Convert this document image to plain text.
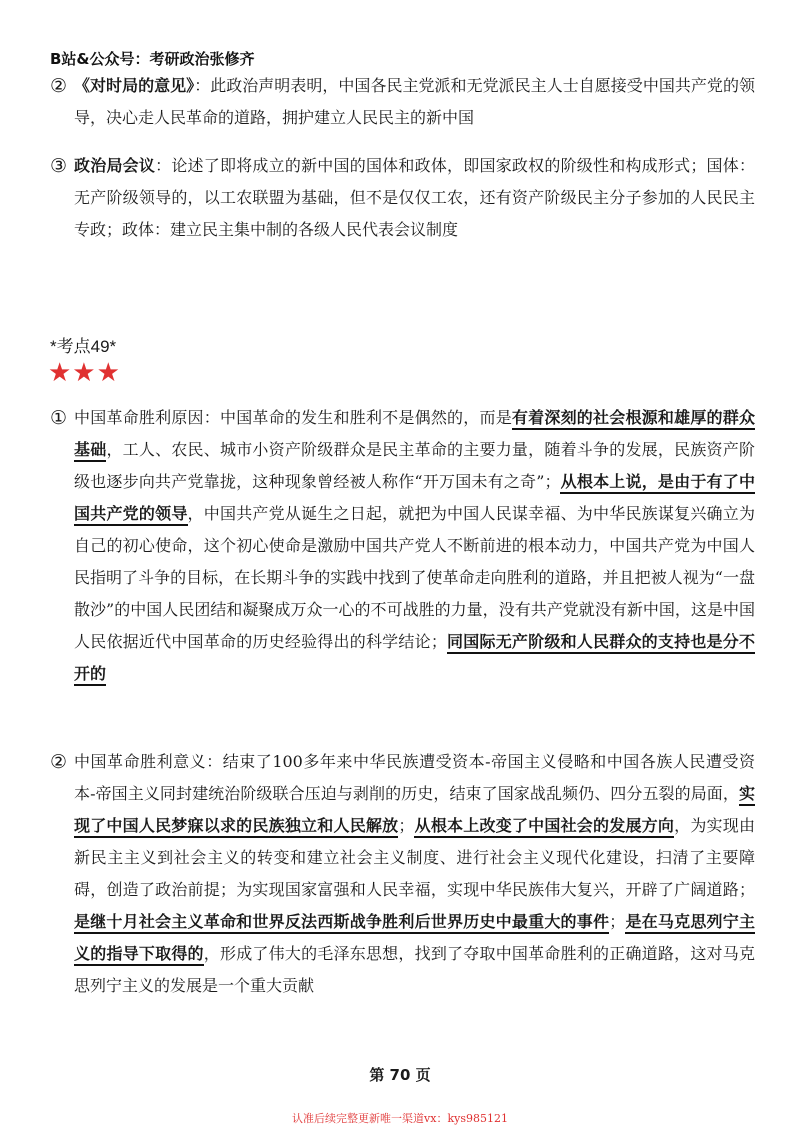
B站&公众号：考研政治张修齐
② 《对时局的意见》：此政治声明表明，中国各民主党派和无党派民主人士自愿接受中国共产党的领导，决心走人民革命的道路，拥护建立人民民主的新中国
③ 政治局会议：论述了即将成立的新中国的国体和政体，即国家政权的阶级性和构成形式；国体：无产阶级领导的，以工农联盟为基础，但不是仅仅工农，还有资产阶级民主分子参加的人民民主专政；政体：建立民主集中制的各级人民代表会议制度
*考点49*
★★★
① 中国革命胜利原因：中国革命的发生和胜利不是偶然的，而是有着深刻的社会根源和雄厚的群众基础，工人、农民、城市小资产阶级群众是民主革命的主要力量，随着斗争的发展，民族资产阶级也逐步向共产党靠拢，这种现象曾经被人称作“开万国未有之奇”；从根本上说，是由于有了中国共产党的领导，中国共产党从诞生之日起，就把为中国人民谋幸福、为中华民族谋复兴确立为自己的初心使命，这个初心使命是激励中国共产党人不断前进的根本动力，中国共产党为中国人民指明了斗争的目标，在长期斗争的实践中找到了使革命走向胜利的道路，并且把被人视为“一盘散沙”的中国人民团结和凝聚成万众一心的不可战胜的力量，没有共产党就没有新中国，这是中国人民依据近代中国革命的历史经验得出的科学结论；同国际无产阶级和人民群众的支持也是分不开的
② 中国革命胜利意义：结束了100多年来中华民族遭受资本-帝国主义侵略和中国各族人民遭受资本-帝国主义同封建统治阶级联合压迫与剥削的历史，结束了国家战乱频仍、四分五裂的局面，实现了中国人民梦寐以求的民族独立和人民解放；从根本上改变了中国社会的发展方向，为实现由新民主主义到社会主义的转变和建立社会主义制度、进行社会主义现代化建设，扫清了主要障碍，创造了政治前提；为实现国家富强和人民幸福，实现中华民族伟大复兴，开辟了广阔道路；是继十月社会主义革命和世界反法西斯战争胜利后世界历史中最重大的事件；是在马克思列宁主义的指导下取得的，形成了伟大的毛泽东思想，找到了夺取中国革命胜利的正确道路，这对马克思列宁主义的发展是一个重大贡献
第 70 页
认准后续完整更新唯一渠道vx：kys985121
